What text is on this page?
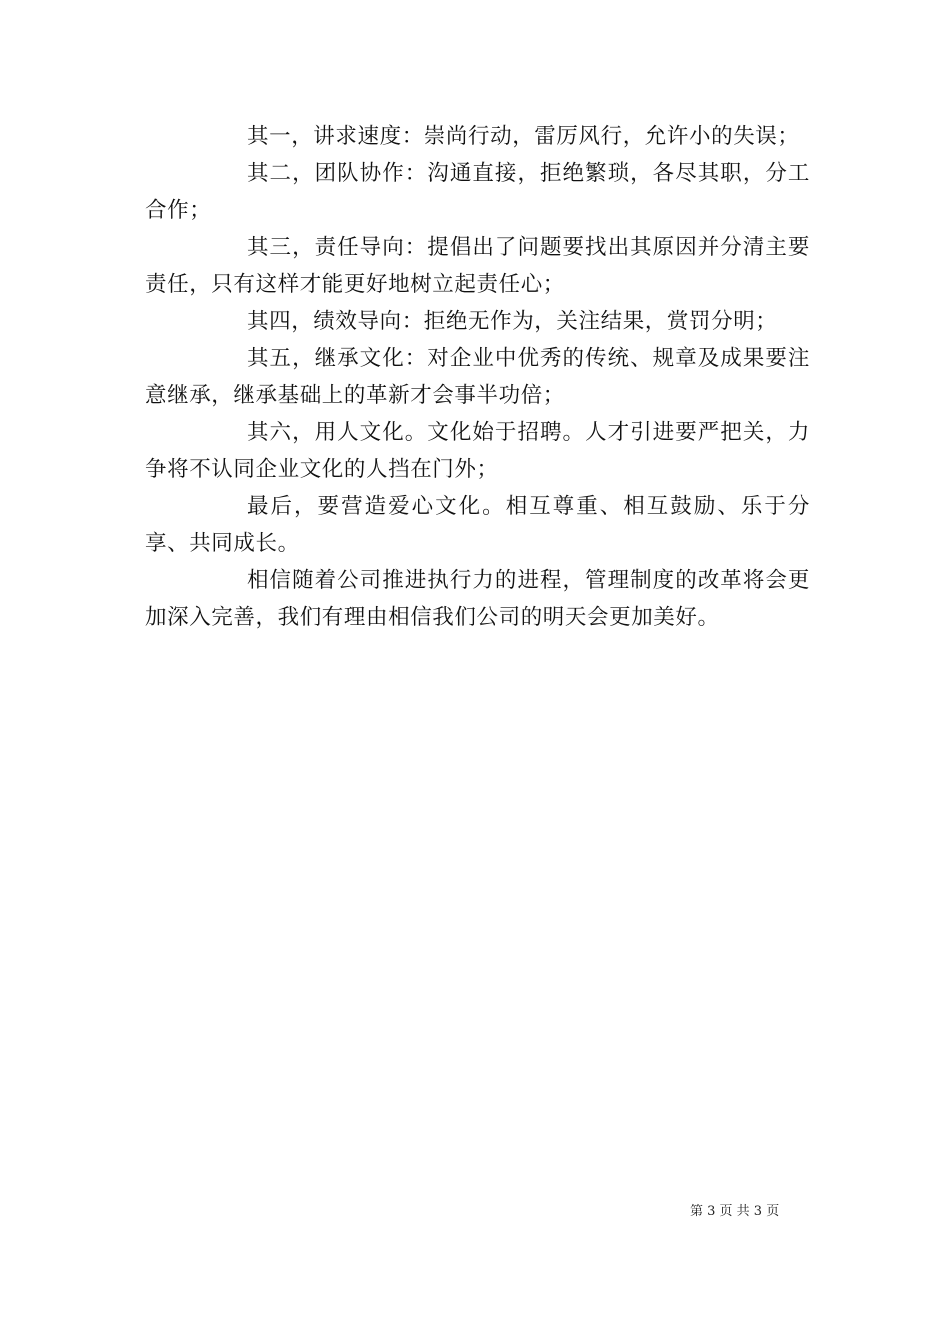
其一，讲求速度：崇尚行动，雷厉风行，允许小的失误；

其二，团队协作：沟通直接，拒绝繁琐，各尽其职，分工合作；

其三，责任导向：提倡出了问题要找出其原因并分清主要责任，只有这样才能更好地树立起责任心；

其四，绩效导向：拒绝无作为，关注结果，赏罚分明；

其五，继承文化：对企业中优秀的传统、规章及成果要注意继承，继承基础上的革新才会事半功倍；

其六，用人文化。文化始于招聘。人才引进要严把关，力争将不认同企业文化的人挡在门外；

最后，要营造爱心文化。相互尊重、相互鼓励、乐于分享、共同成长。

相信随着公司推进执行力的进程，管理制度的改革将会更加深入完善，我们有理由相信我们公司的明天会更加美好。

第 3 页 共 3 页
